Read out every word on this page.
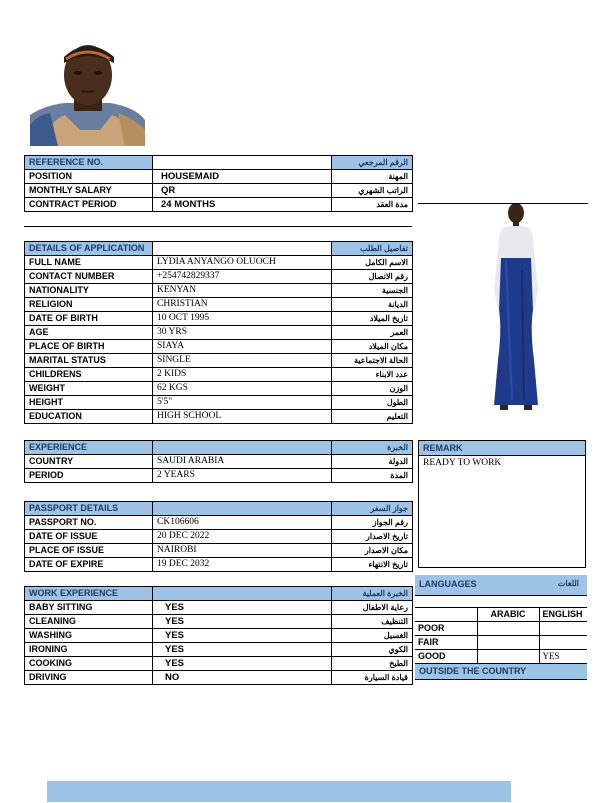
REFERENCE NO.		الرقم المرجعي
POSITION	HOUSEMAID	المهنة
MONTHLY SALARY	QR	الراتب الشهري
CONTRACT PERIOD	24 MONTHS	مدة العقد
DETAILS OF APPLICATION		تفاصيل الطلب
FULL NAME	LYDIA ANYANGO OLUOCH	الاسم الكامل
CONTACT NUMBER	+254742829337	رقم الاتصال
NATIONALITY	KENYAN	الجنسية
RELIGION	CHRISTIAN	الديانة
DATE OF BIRTH	10 OCT 1995	تاريخ الميلاد
AGE	30 YRS	العمر
PLACE OF BIRTH	SIAYA	مكان الميلاد
MARITAL STATUS	SINGLE	الحالة الاجتماعية
CHILDRENS	2 KIDS	عدد الابناء
WEIGHT	62 KGS	الوزن
HEIGHT	5'5"	الطول
EDUCATION	HIGH SCHOOL	التعليم
EXPERIENCE		الخبرة
COUNTRY	SAUDI ARABIA	الدولة
PERIOD	2 YEARS	المدة
PASSPORT DETAILS		جواز السفر
PASSPORT NO.	CK106606	رقم الجواز
DATE OF ISSUE	20 DEC 2022	تاريخ الاصدار
PLACE OF ISSUE	NAIROBI	مكان الاصدار
DATE OF EXPIRE	19 DEC 2032	تاريخ الانتهاء
WORK EXPERIENCE		الخبرة العملية
BABY SITTING	YES	رعاية الاطفال
CLEANING	YES	التنظيف
WASHING	YES	الغسيل
IRONING	YES	الكوي
COOKING	YES	الطبخ
DRIVING	NO	قيادة السيارة
REMARK
READY TO WORK
LANGUAGES	اللغات
	ARABIC	ENGLISH
POOR		
FAIR		
GOOD		YES
OUTSIDE THE COUNTRY
